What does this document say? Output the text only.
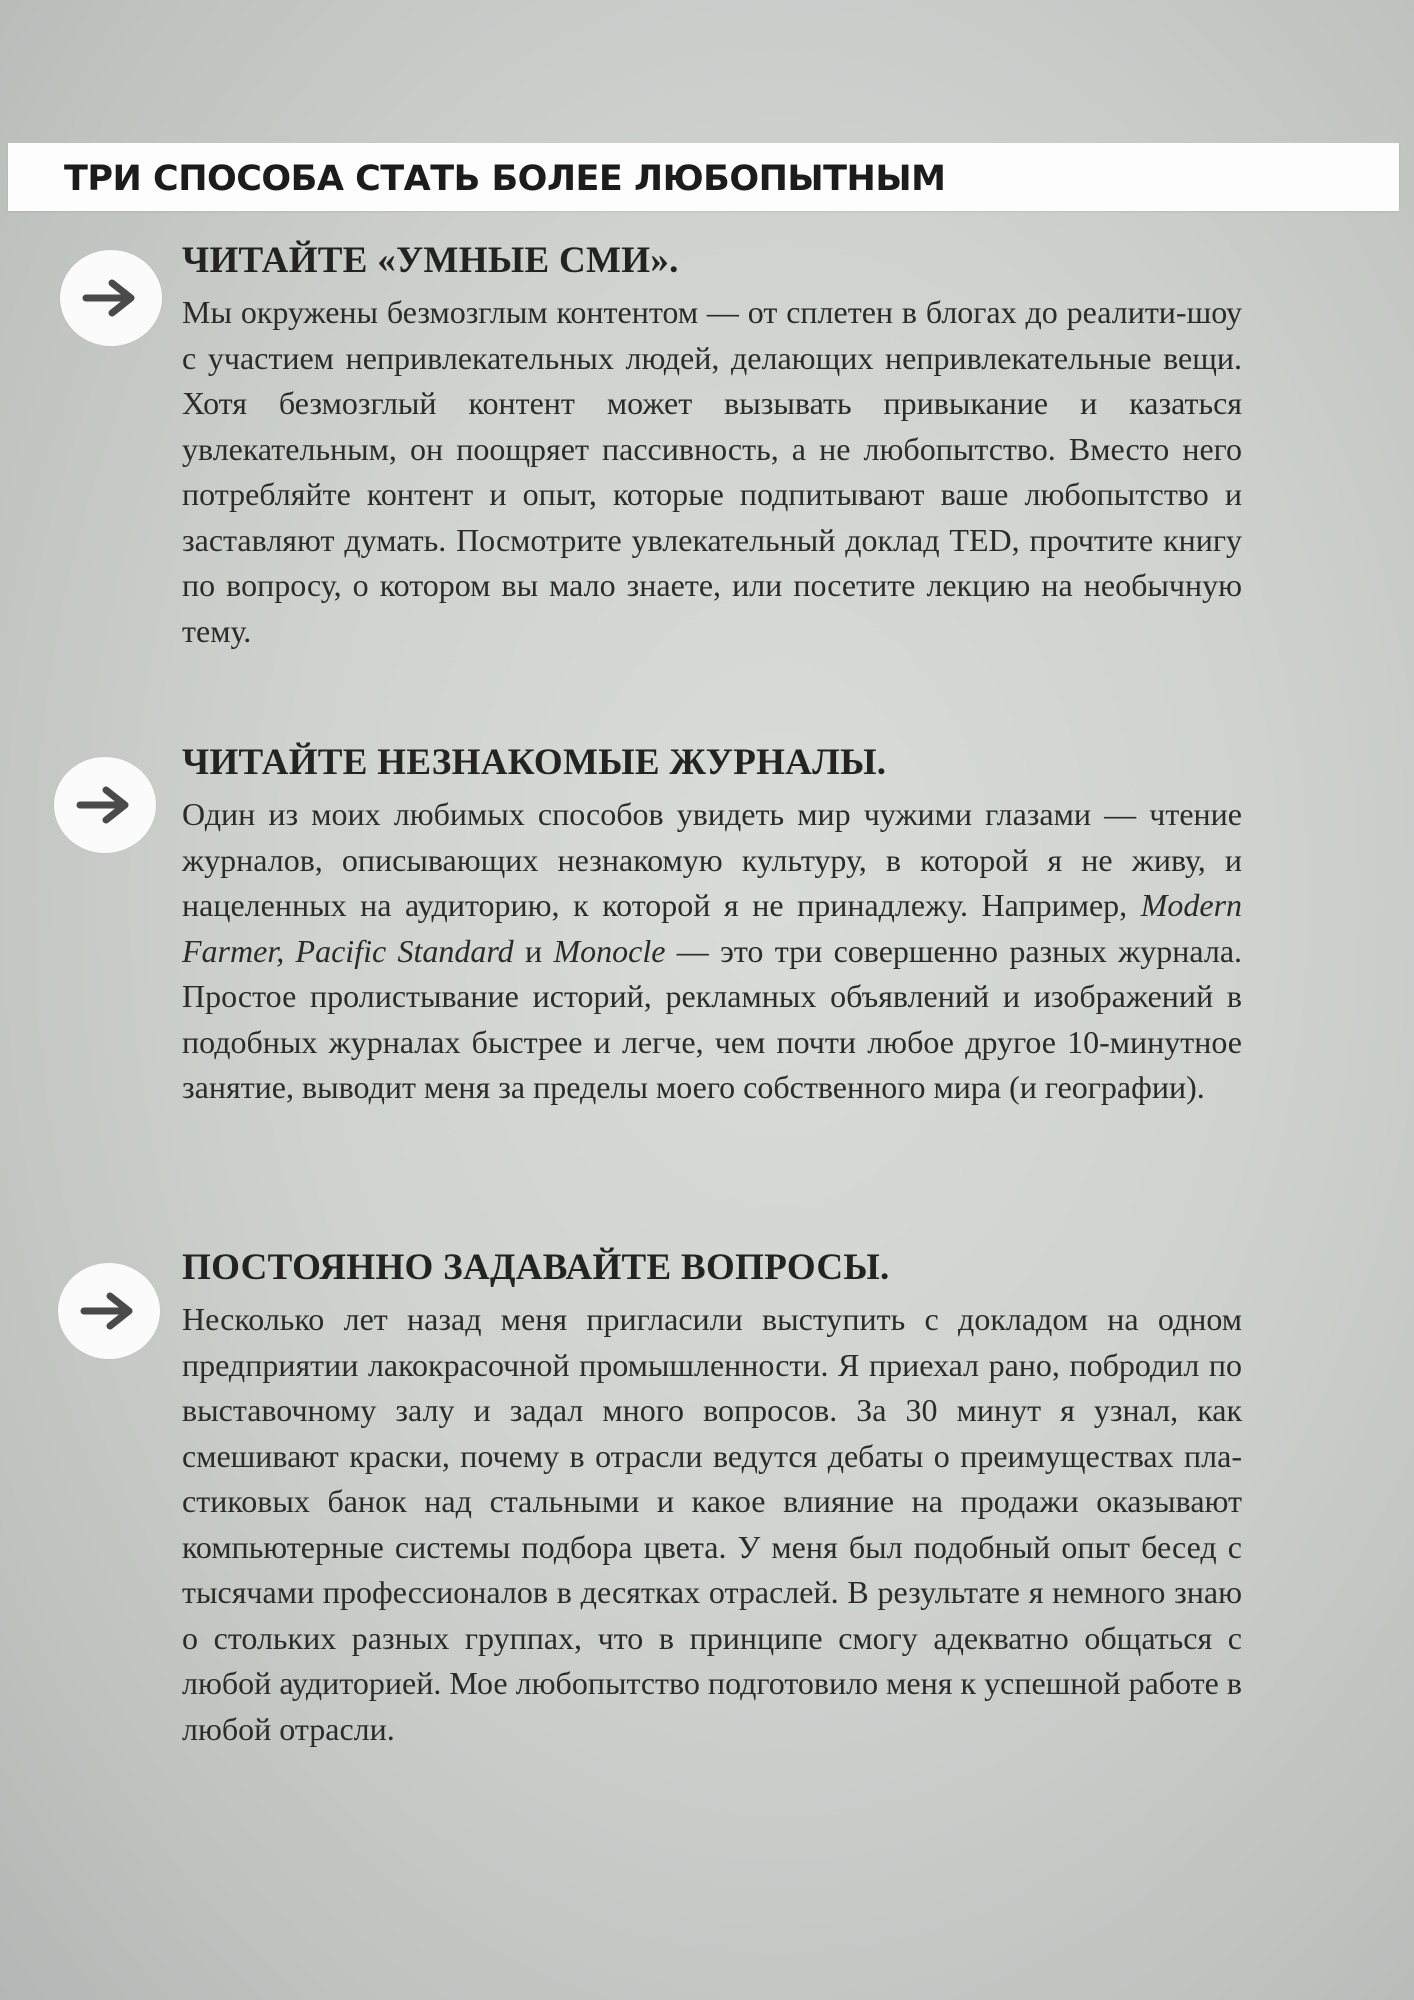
ТРИ СПОСОБА СТАТЬ БОЛЕЕ ЛЮБОПЫТНЫМ
ЧИТАЙТЕ «УМНЫЕ СМИ».

Мы окружены безмозглым контентом — от сплетен в блогах до реалити-шоу с участием непривлекательных людей, делающих непривлекательные вещи. Хотя безмозглый контент может вызывать привыкание и казаться увлекательным, он поощряет пассивность, а не любопытство. Вместо него потребляйте контент и опыт, которые подпитывают ваше любопытство и заставляют думать. Посмотрите увлекательный доклад TED, прочтите книгу по вопросу, о котором вы мало знаете, или посетите лекцию на необычную тему.

ЧИТАЙТЕ НЕЗНАКОМЫЕ ЖУРНАЛЫ.

Один из моих любимых способов увидеть мир чужими глазами — чтение журналов, описывающих незнакомую культуру, в которой я не живу, и нацеленных на аудиторию, к которой я не принадлежу. Например, Modern Farmer, Pacific Standard и Monocle — это три совершенно разных журнала. Простое пролистывание историй, рекламных объявлений и изображений в подобных журналах быстрее и легче, чем почти любое другое 10-минутное занятие, выводит меня за пределы моего собственного мира (и географии).

ПОСТОЯННО ЗАДАВАЙТЕ ВОПРОСЫ.

Несколько лет назад меня пригласили выступить с докладом на одном предприятии лакокрасочной промышленности. Я приехал рано, побродил по выставочному залу и задал много вопросов. За 30 минут я узнал, как смешивают краски, почему в отрасли ведутся дебаты о преимуществах пластиковых банок над стальными и какое влияние на продажи оказывают компьютерные системы подбора цвета. У меня был подобный опыт бесед с тысячами профессионалов в десятках отраслей. В результате я немного знаю о стольких разных группах, что в принципе смогу адекватно общаться с любой аудиторией. Мое любопытство подготовило меня к успешной работе в любой отрасли.
